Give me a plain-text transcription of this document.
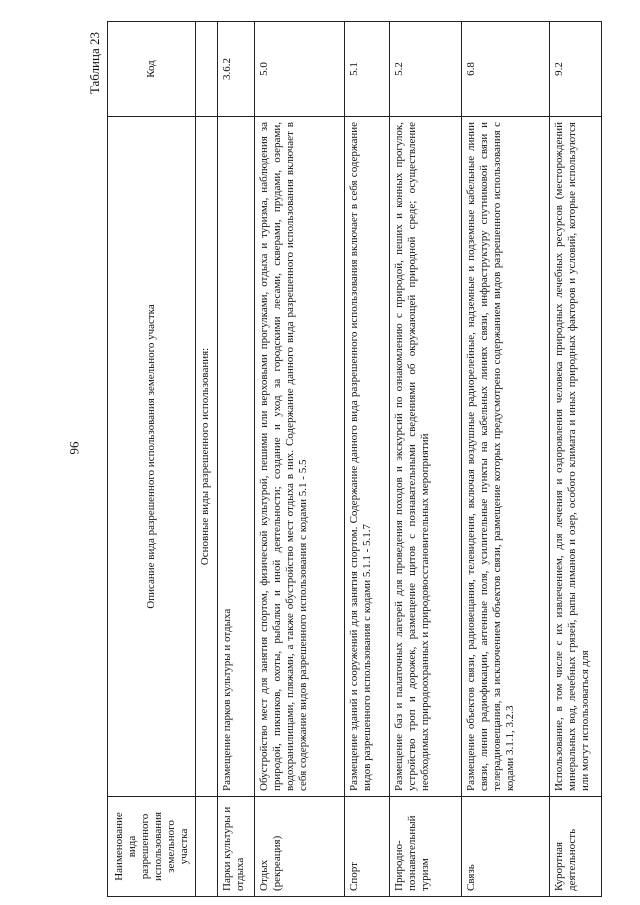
96
Таблица 23
Наименование вида разрешенного использования земельного участка	Описание вида разрешенного использования земельного участка	Код
	Основные виды разрешенного использования:	
Парки культуры и отдыха	Размещение парков культуры и отдыха	3.6.2
Отдых (рекреация)	Обустройство мест для занятия спортом, физической культурой, пешими или верховыми прогулками, отдыха и туризма, наблюдения за природой, пикников, охоты, рыбалки и иной деятельности; создание и уход за городскими лесами, скверами, прудами, озерами, водохранилищами, пляжами, а также обустройство мест отдыха в них. Содержание данного вида разрешенного использования включает в себя содержание видов разрешенного использования с кодами 5.1 - 5.5	5.0
Спорт	Размещение зданий и сооружений для занятия спортом. Содержание данного вида разрешенного использования включает в себя содержание видов разрешенного использования с кодами 5.1.1 - 5.1.7	5.1
Природно-познавательный туризм	Размещение баз и палаточных лагерей для проведения походов и экскурсий по ознакомлению с природой, пеших и конных прогулок, устройство троп и дорожек, размещение щитов с познавательными сведениями об окружающей природной среде; осуществление необходимых природоохранных и природовосстановительных мероприятий	5.2
Связь	Размещение объектов связи, радиовещания, телевидения, включая воздушные радиорелейные, надземные и подземные кабельные линии связи, линии радиофикации, антенные поля, усилительные пункты на кабельных линиях связи, инфраструктуру спутниковой связи и телерадиовещания, за исключением объектов связи, размещение которых предусмотрено содержанием видов разрешенного использования с кодами 3.1.1, 3.2.3	6.8
Курортная деятельность	Использование, в том числе с их извлечением, для лечения и оздоровления человека природных лечебных ресурсов (месторождений минеральных вод, лечебных грязей, рапы лиманов и озер, особого климата и иных природных факторов и условий, которые используются или могут использоваться для	9.2
